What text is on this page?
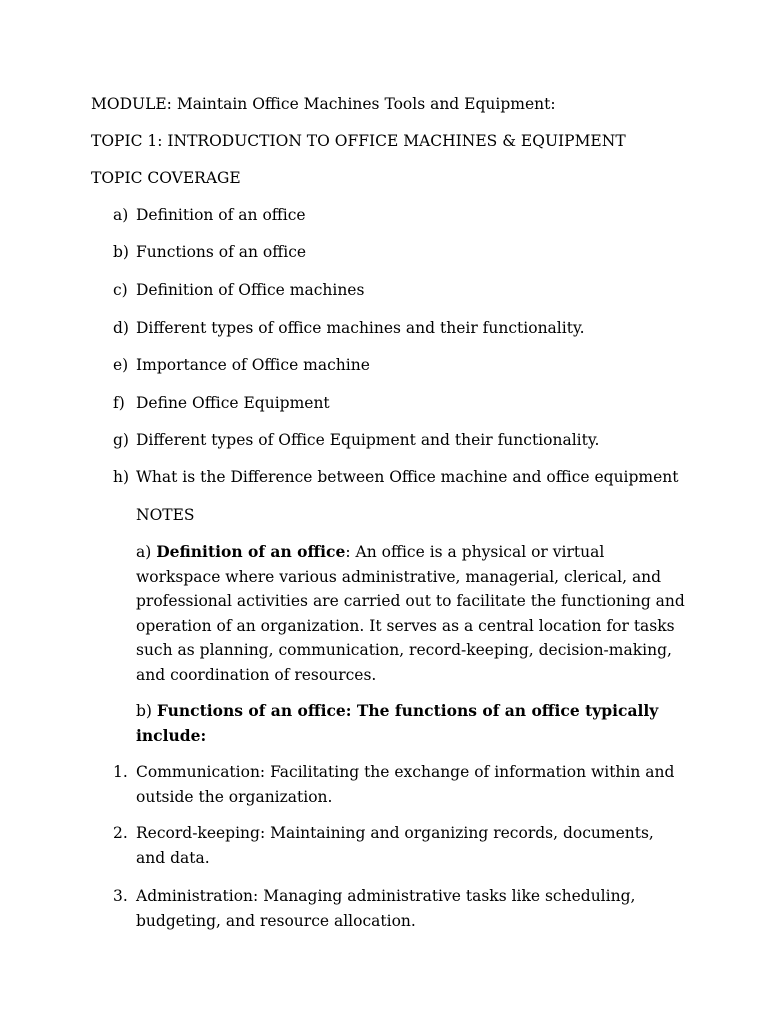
MODULE: Maintain Office Machines Tools and Equipment:
TOPIC 1: INTRODUCTION TO OFFICE MACHINES & EQUIPMENT
TOPIC COVERAGE
a) Definition of an office
b) Functions of an office
c) Definition of Office machines
d) Different types of office machines and their functionality.
e) Importance of Office machine
f) Define Office Equipment
g) Different types of Office Equipment and their functionality.
h) What is the Difference between Office machine and office equipment
NOTES
a) Definition of an office: An office is a physical or virtual workspace where various administrative, managerial, clerical, and professional activities are carried out to facilitate the functioning and operation of an organization. It serves as a central location for tasks such as planning, communication, record-keeping, decision-making, and coordination of resources.
b) Functions of an office: The functions of an office typically include:
1. Communication: Facilitating the exchange of information within and outside the organization.
2. Record-keeping: Maintaining and organizing records, documents, and data.
3. Administration: Managing administrative tasks like scheduling, budgeting, and resource allocation.
